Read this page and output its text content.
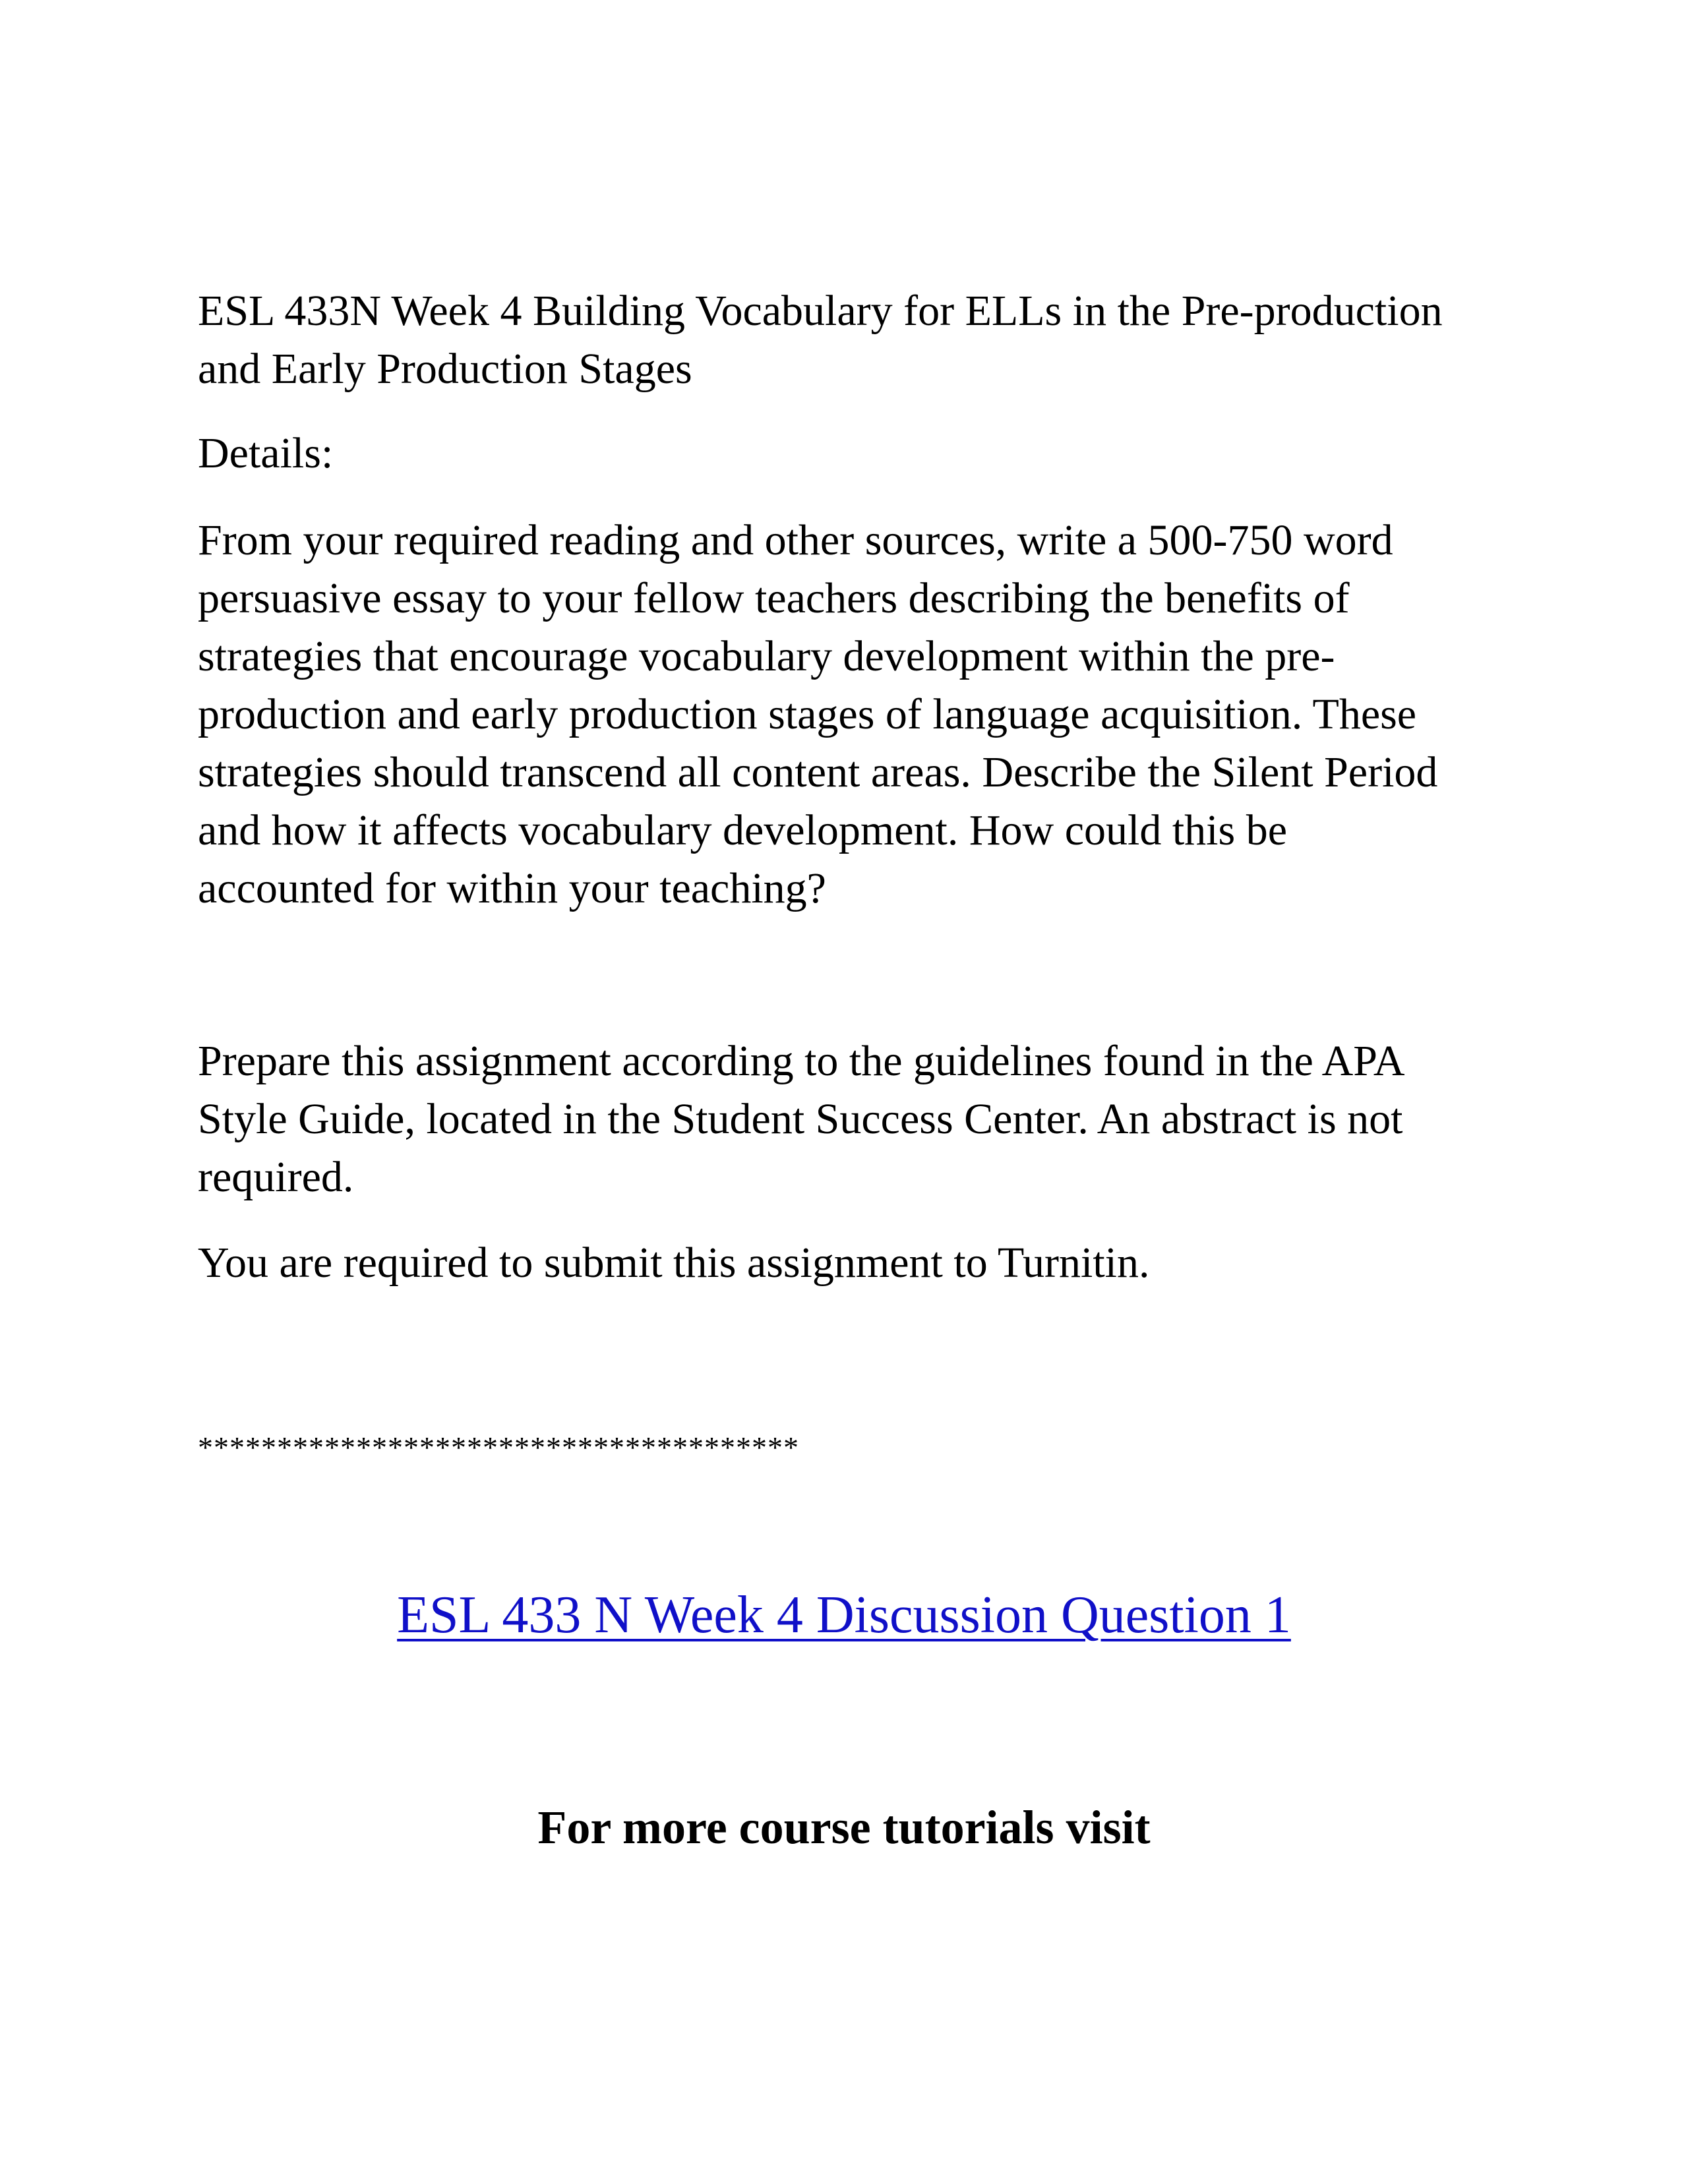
ESL 433N Week 4 Building Vocabulary for ELLs in the Pre-production
and Early Production Stages

Details:

From your required reading and other sources, write a 500-750 word
persuasive essay to your fellow teachers describing the benefits of
strategies that encourage vocabulary development within the pre-
production and early production stages of language acquisition. These
strategies should transcend all content areas. Describe the Silent Period
and how it affects vocabulary development. How could this be
accounted for within your teaching?

Prepare this assignment according to the guidelines found in the APA
Style Guide, located in the Student Success Center. An abstract is not
required.

You are required to submit this assignment to Turnitin.

**************************************

ESL 433 N Week 4 Discussion Question 1

For more course tutorials visit
